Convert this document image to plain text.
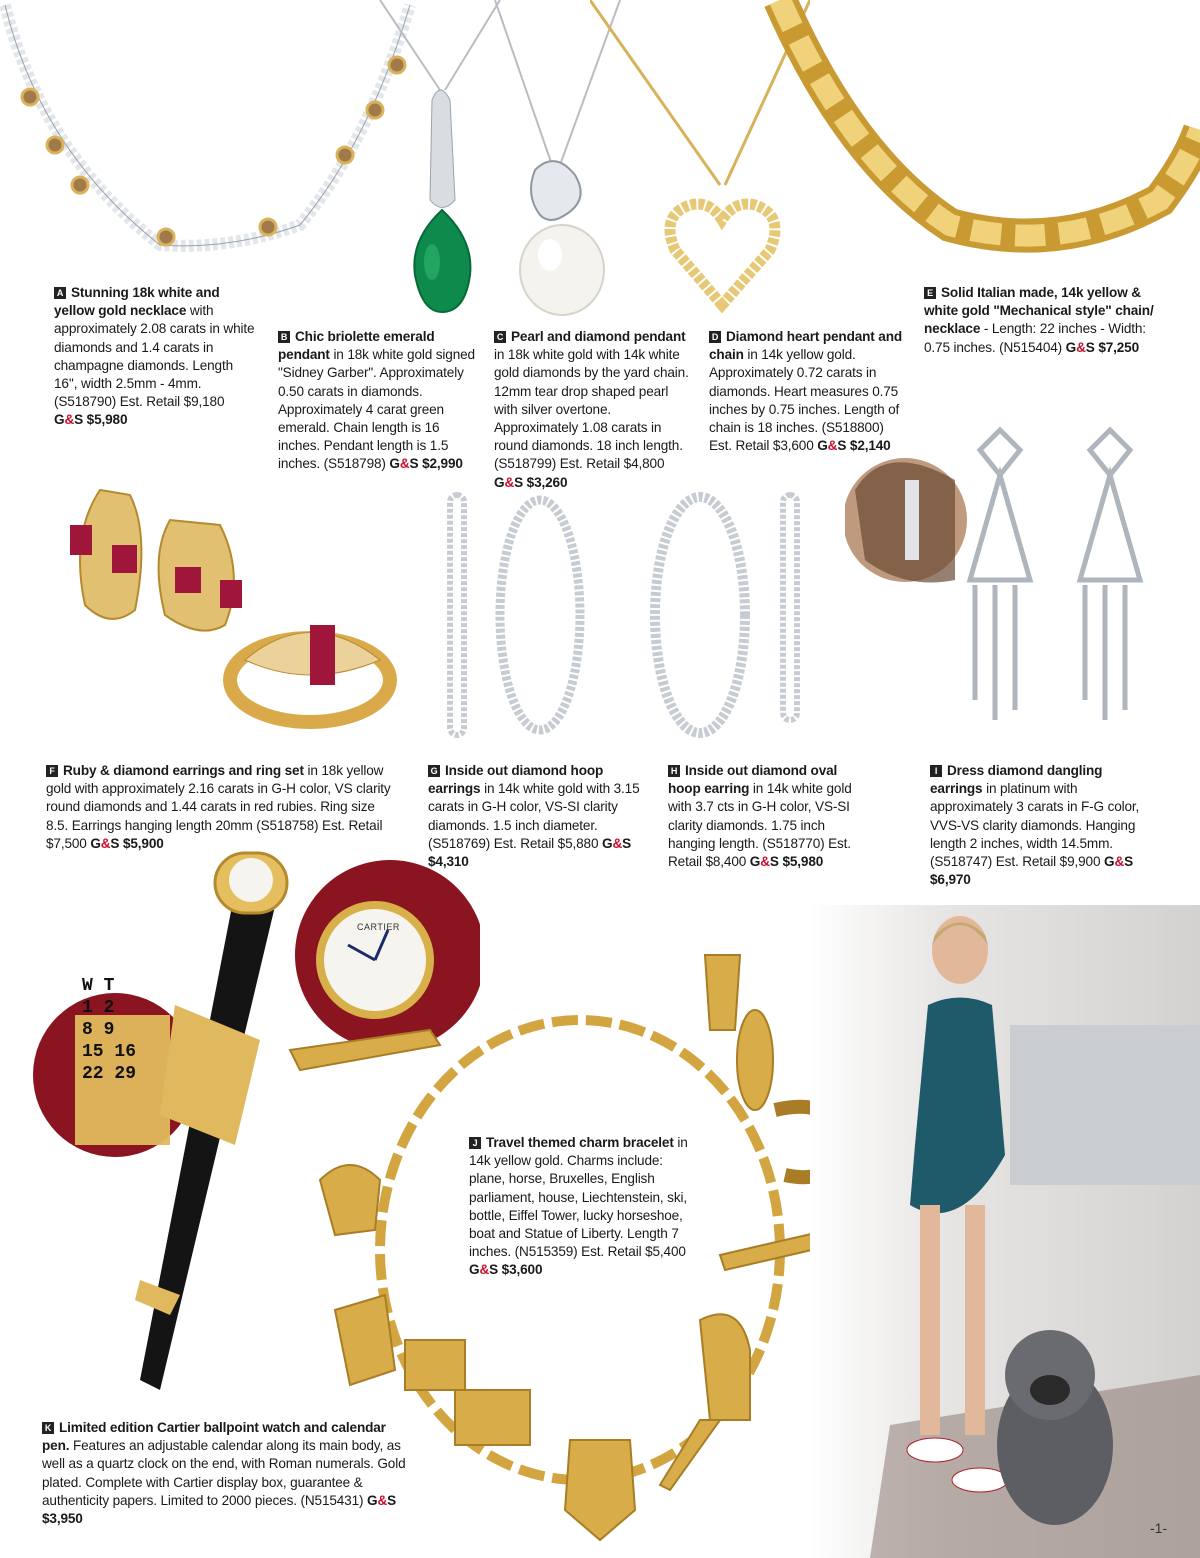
CARTIER
W T
1 2
8 9
15 16
22 29
A Stunning 18k white and yellow gold necklace with approximately 2.08 carats in white diamonds and 1.4 carats in champagne diamonds. Length 16'', width 2.5mm - 4mm. (S518790) Est. Retail $9,180 G&S $5,980
B Chic briolette emerald pendant in 18k white gold signed "Sidney Garber". Approximately 0.50 carats in diamonds. Approximately 4 carat green emerald. Chain length is 16 inches. Pendant length is 1.5 inches. (S518798) G&S $2,990
C Pearl and diamond pendant in 18k white gold with 14k white gold diamonds by the yard chain. 12mm tear drop shaped pearl with silver overtone. Approximately 1.08 carats in round diamonds. 18 inch length. (S518799) Est. Retail $4,800 G&S $3,260
D Diamond heart pendant and chain in 14k yellow gold. Approximately 0.72 carats in diamonds. Heart measures 0.75 inches by 0.75 inches. Length of chain is 18 inches. (S518800) Est. Retail $3,600 G&S $2,140
E Solid Italian made, 14k yellow & white gold "Mechanical style" chain/ necklace - Length: 22 inches - Width: 0.75 inches. (N515404) G&S $7,250
F Ruby & diamond earrings and ring set in 18k yellow gold with approximately 2.16 carats in G-H color, VS clarity round diamonds and 1.44 carats in red rubies. Ring size 8.5. Earrings hanging length 20mm (S518758) Est. Retail $7,500 G&S $5,900
G Inside out diamond hoop earrings in 14k white gold with 3.15 carats in G-H color, VS-SI clarity diamonds. 1.5 inch diameter. (S518769) Est. Retail $5,880 G&S $4,310
H Inside out diamond oval hoop earring in 14k white gold with 3.7 cts in G-H color, VS-SI clarity diamonds. 1.75 inch hanging length. (S518770) Est. Retail $8,400 G&S $5,980
I Dress diamond dangling earrings in platinum with approximately 3 carats in F-G color, VVS-VS clarity diamonds. Hanging length 2 inches, width 14.5mm. (S518747) Est. Retail $9,900 G&S $6,970
J Travel themed charm bracelet in 14k yellow gold. Charms include: plane, horse, Bruxelles, English parliament, house, Liechtenstein, ski, bottle, Eiffel Tower, lucky horseshoe, boat and Statue of Liberty. Length 7 inches. (N515359) Est. Retail $5,400 G&S $3,600
K Limited edition Cartier ballpoint watch and calendar pen. Features an adjustable calendar along its main body, as well as a quartz clock on the end, with Roman numerals. Gold plated. Complete with Cartier display box, guarantee & authenticity papers. Limited to 2000 pieces. (N515431) G&S $3,950
-1-
